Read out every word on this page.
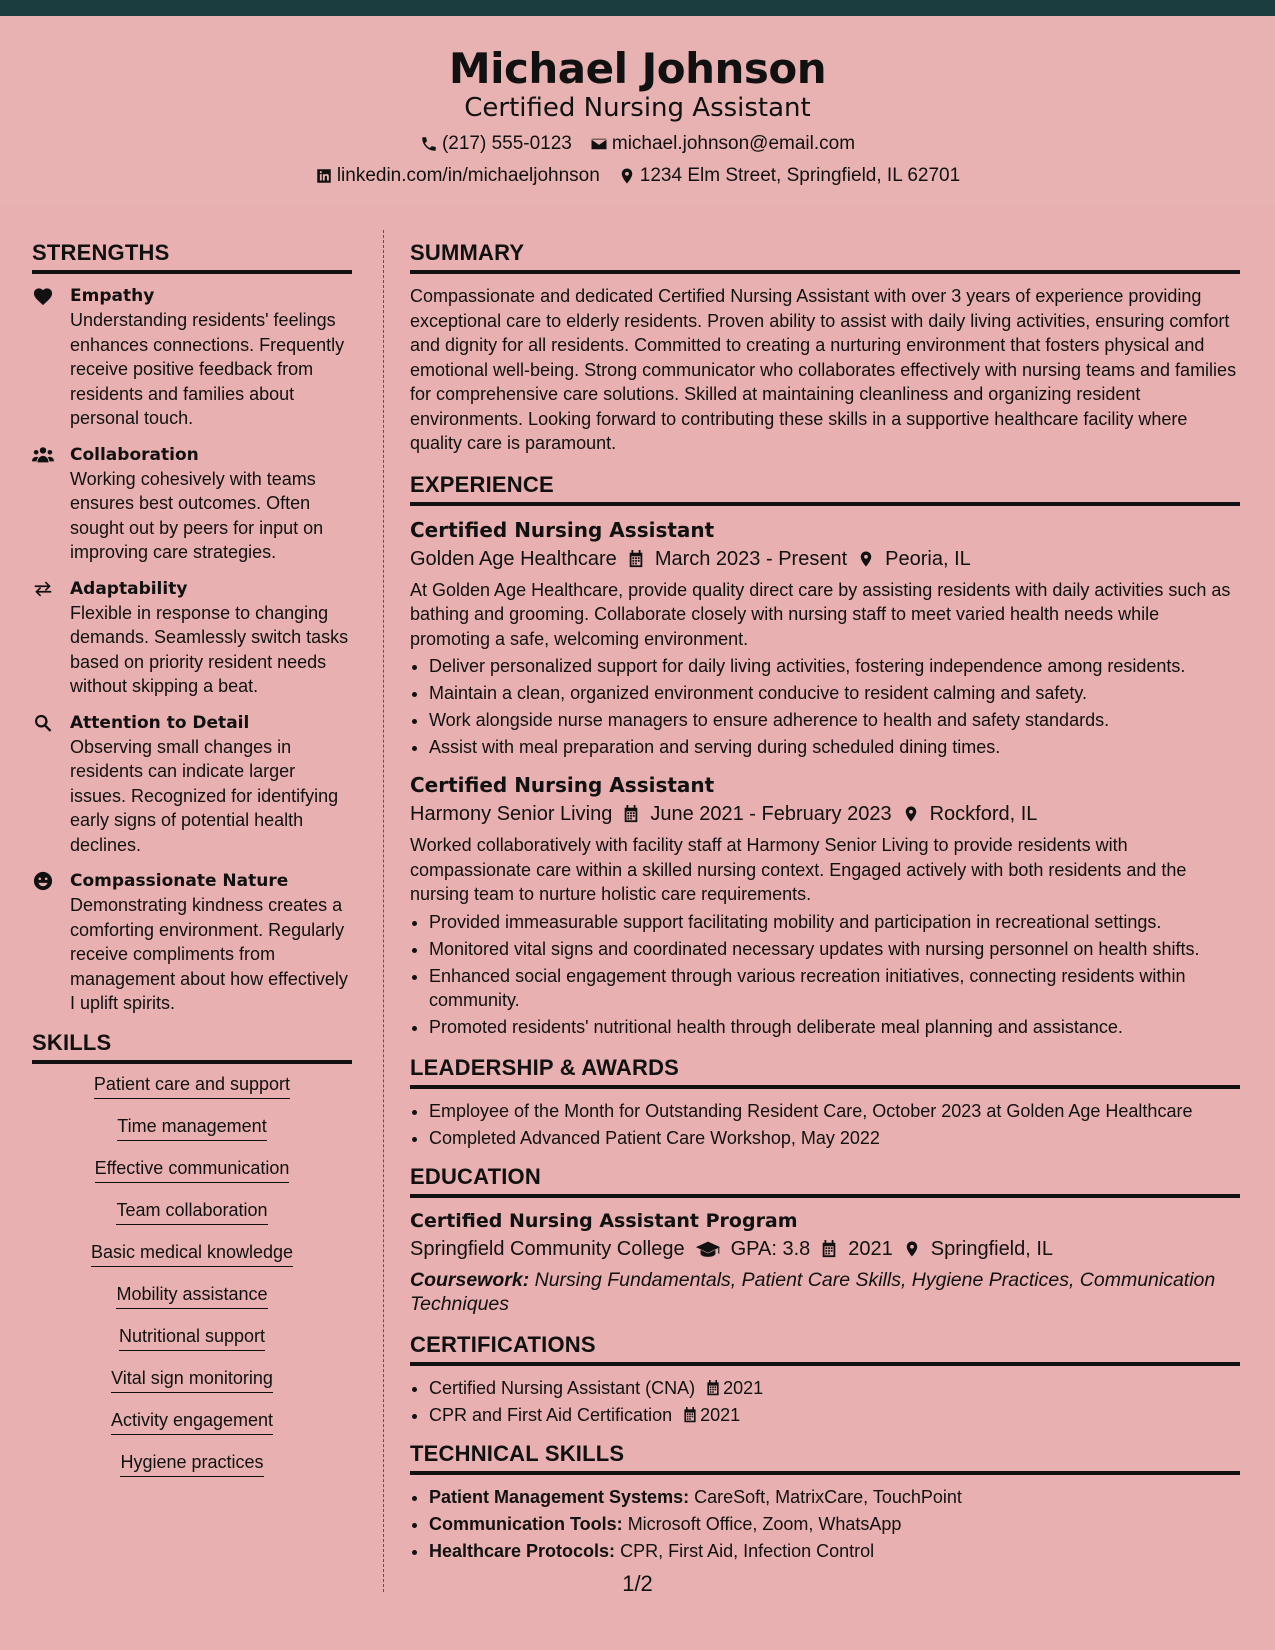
Michael Johnson
Certified Nursing Assistant
(217) 555-0123 michael.johnson@email.com
linkedin.com/in/michaeljohnson 1234 Elm Street, Springfield, IL 62701
STRENGTHS
Empathy
Understanding residents' feelings enhances connections. Frequently receive positive feedback from residents and families about personal touch.
Collaboration
Working cohesively with teams ensures best outcomes. Often sought out by peers for input on improving care strategies.
Adaptability
Flexible in response to changing demands. Seamlessly switch tasks based on priority resident needs without skipping a beat.
Attention to Detail
Observing small changes in residents can indicate larger issues. Recognized for identifying early signs of potential health declines.
Compassionate Nature
Demonstrating kindness creates a comforting environment. Regularly receive compliments from management about how effectively I uplift spirits.
SKILLS
Patient care and support
Time management
Effective communication
Team collaboration
Basic medical knowledge
Mobility assistance
Nutritional support
Vital sign monitoring
Activity engagement
Hygiene practices
SUMMARY

Compassionate and dedicated Certified Nursing Assistant with over 3 years of experience providing exceptional care to elderly residents. Proven ability to assist with daily living activities, ensuring comfort and dignity for all residents. Committed to creating a nurturing environment that fosters physical and emotional well-being. Strong communicator who collaborates effectively with nursing teams and families for comprehensive care solutions. Skilled at maintaining cleanliness and organizing resident environments. Looking forward to contributing these skills in a supportive healthcare facility where quality care is paramount.

EXPERIENCE
Certified Nursing Assistant
Golden Age Healthcare March 2023 - Present Peoria, IL

At Golden Age Healthcare, provide quality direct care by assisting residents with daily activities such as bathing and grooming. Collaborate closely with nursing staff to meet varied health needs while promoting a safe, welcoming environment.

• Deliver personalized support for daily living activities, fostering independence among residents.
• Maintain a clean, organized environment conducive to resident calming and safety.
• Work alongside nurse managers to ensure adherence to health and safety standards.
• Assist with meal preparation and serving during scheduled dining times.
Certified Nursing Assistant
Harmony Senior Living June 2021 - February 2023 Rockford, IL

Worked collaboratively with facility staff at Harmony Senior Living to provide residents with compassionate care within a skilled nursing context. Engaged actively with both residents and the nursing team to nurture holistic care requirements.

• Provided immeasurable support facilitating mobility and participation in recreational settings.
• Monitored vital signs and coordinated necessary updates with nursing personnel on health shifts.
• Enhanced social engagement through various recreation initiatives, connecting residents within community.
• Promoted residents' nutritional health through deliberate meal planning and assistance.
LEADERSHIP & AWARDS
• Employee of the Month for Outstanding Resident Care, October 2023 at Golden Age Healthcare
• Completed Advanced Patient Care Workshop, May 2022
EDUCATION
Certified Nursing Assistant Program
Springfield Community College GPA: 3.8 2021 Springfield, IL

Coursework: Nursing Fundamentals, Patient Care Skills, Hygiene Practices, Communication Techniques

CERTIFICATIONS
• Certified Nursing Assistant (CNA) 2021
• CPR and First Aid Certification 2021
TECHNICAL SKILLS
• Patient Management Systems: CareSoft, MatrixCare, TouchPoint
• Communication Tools: Microsoft Office, Zoom, WhatsApp
• Healthcare Protocols: CPR, First Aid, Infection Control
1/2
